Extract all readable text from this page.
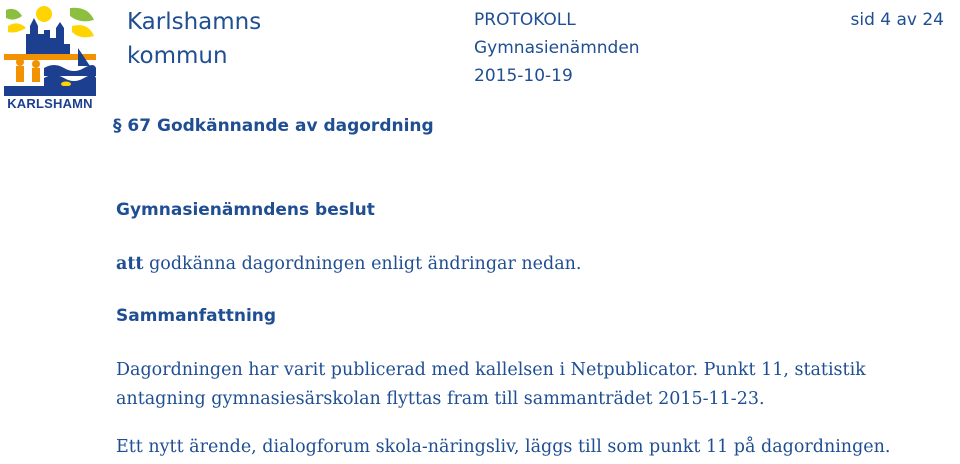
KARLSHAMN
Karlshamns
kommun
PROTOKOLL
Gymnasienämnden
2015-10-19
sid 4 av 24
§ 67 Godkännande av dagordning
Gymnasienämndens beslut
att godkänna dagordningen enligt ändringar nedan.
Sammanfattning
Dagordningen har varit publicerad med kallelsen i Netpublicator. Punkt 11, statistik
antagning gymnasiesärskolan flyttas fram till sammanträdet 2015-11-23.
Ett nytt ärende, dialogforum skola-näringsliv, läggs till som punkt 11 på dagordningen.
